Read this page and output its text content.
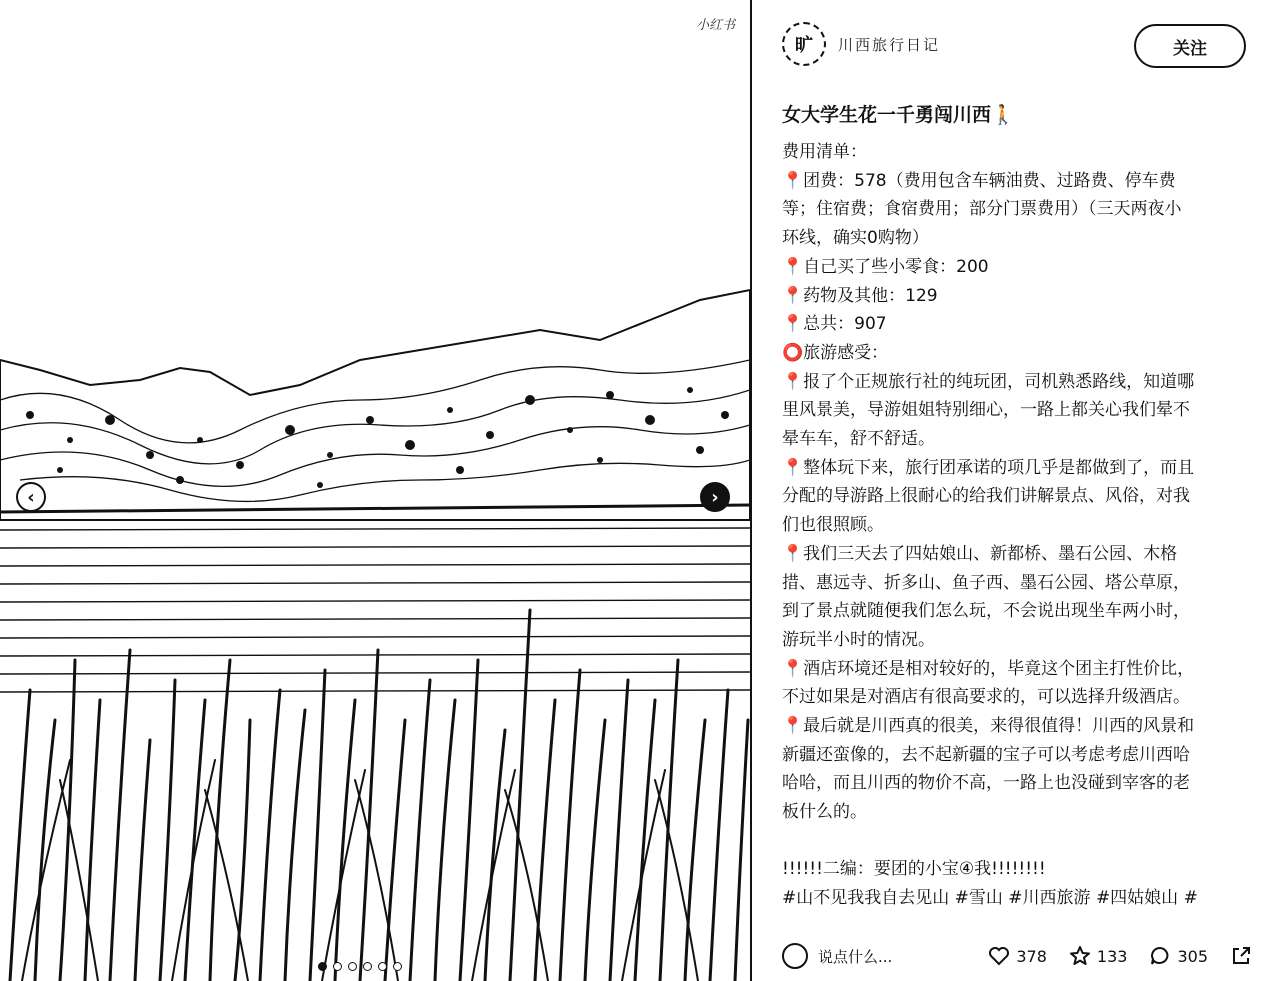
小红书
‹	›
旷 川西旅行日记	关注
女大学生花一千勇闯川西🚶
费用清单：
📍团费：578（费用包含车辆油费、过路费、停车费
等；住宿费；食宿费用；部分门票费用）（三天两夜小
环线，确实0购物）
📍自己买了些小零食：200
📍药物及其他：129
📍总共：907
⭕旅游感受：
📍报了个正规旅行社的纯玩团，司机熟悉路线，知道哪
里风景美，导游姐姐特别细心，一路上都关心我们晕不
晕车车，舒不舒适。
📍整体玩下来，旅行团承诺的项几乎是都做到了，而且
分配的导游路上很耐心的给我们讲解景点、风俗，对我
们也很照顾。
📍我们三天去了四姑娘山、新都桥、墨石公园、木格
措、惠远寺、折多山、鱼子西、墨石公园、塔公草原，
到了景点就随便我们怎么玩，不会说出现坐车两小时，
游玩半小时的情况。
📍酒店环境还是相对较好的，毕竟这个团主打性价比，
不过如果是对酒店有很高要求的，可以选择升级酒店。
📍最后就是川西真的很美，来得很值得！川西的风景和
新疆还蛮像的，去不起新疆的宝子可以考虑考虑川西哈
哈哈，而且川西的物价不高，一路上也没碰到宰客的老
板什么的。
!!!!!!二编：要团的小宝④我!!!!!!!!
#山不见我我自去见山 #雪山 #川西旅游 #四姑娘山 #
说点什么...	378	133	305
